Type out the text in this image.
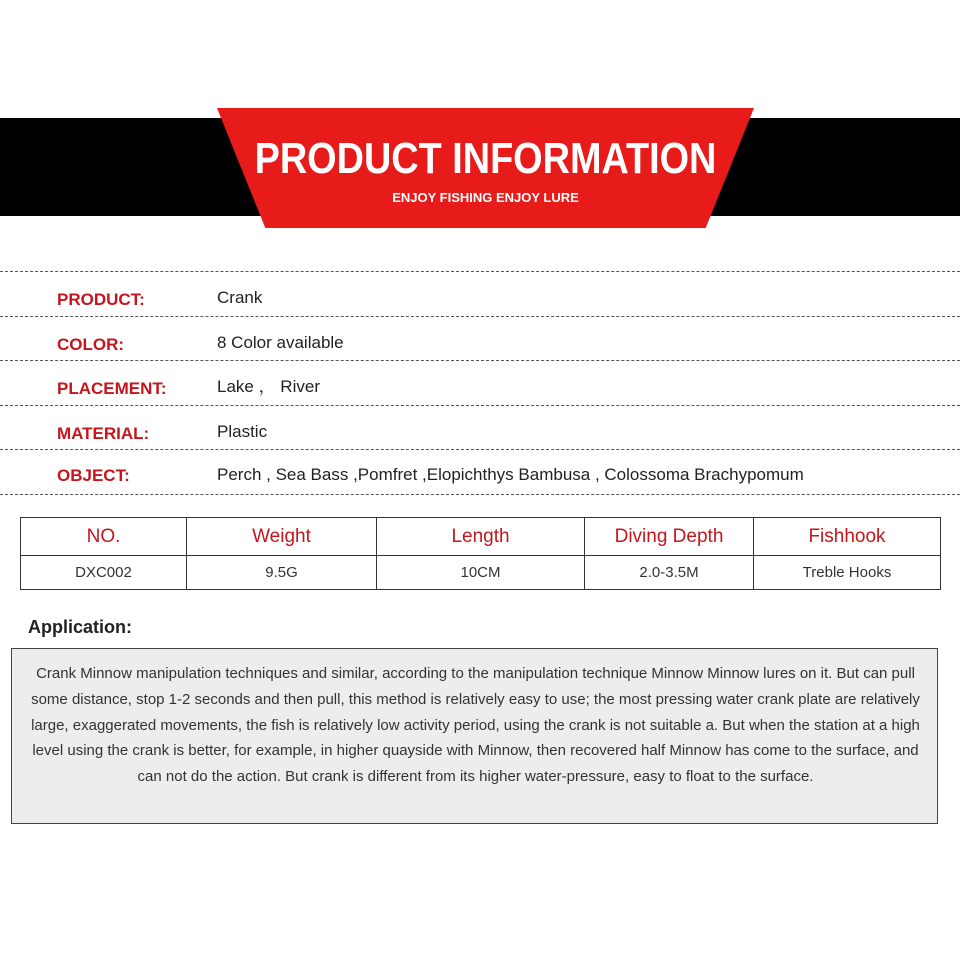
PRODUCT INFORMATION
ENJOY FISHING ENJOY LURE
PRODUCT:	Crank
COLOR:	8 Color available
PLACEMENT:	Lake ， River
MATERIAL:	Plastic
OBJECT:	Perch , Sea Bass ,Pomfret ,Elopichthys Bambusa , Colossoma Brachypomum
NO.	Weight	Length	Diving Depth	Fishhook
DXC002	9.5G	10CM	2.0-3.5M	Treble Hooks
Application:
Crank Minnow manipulation techniques and similar, according to the manipulation technique Minnow Minnow lures on it. But can pull some distance, stop 1-2 seconds and then pull, this method is relatively easy to use; the most pressing water crank plate are relatively large, exaggerated movements, the fish is relatively low activity period, using the crank is not suitable a. But when the station at a high level using the crank is better, for example, in higher quayside with Minnow, then recovered half Minnow has come to the surface, and can not do the action. But crank is different from its higher water-pressure, easy to float to the surface.
